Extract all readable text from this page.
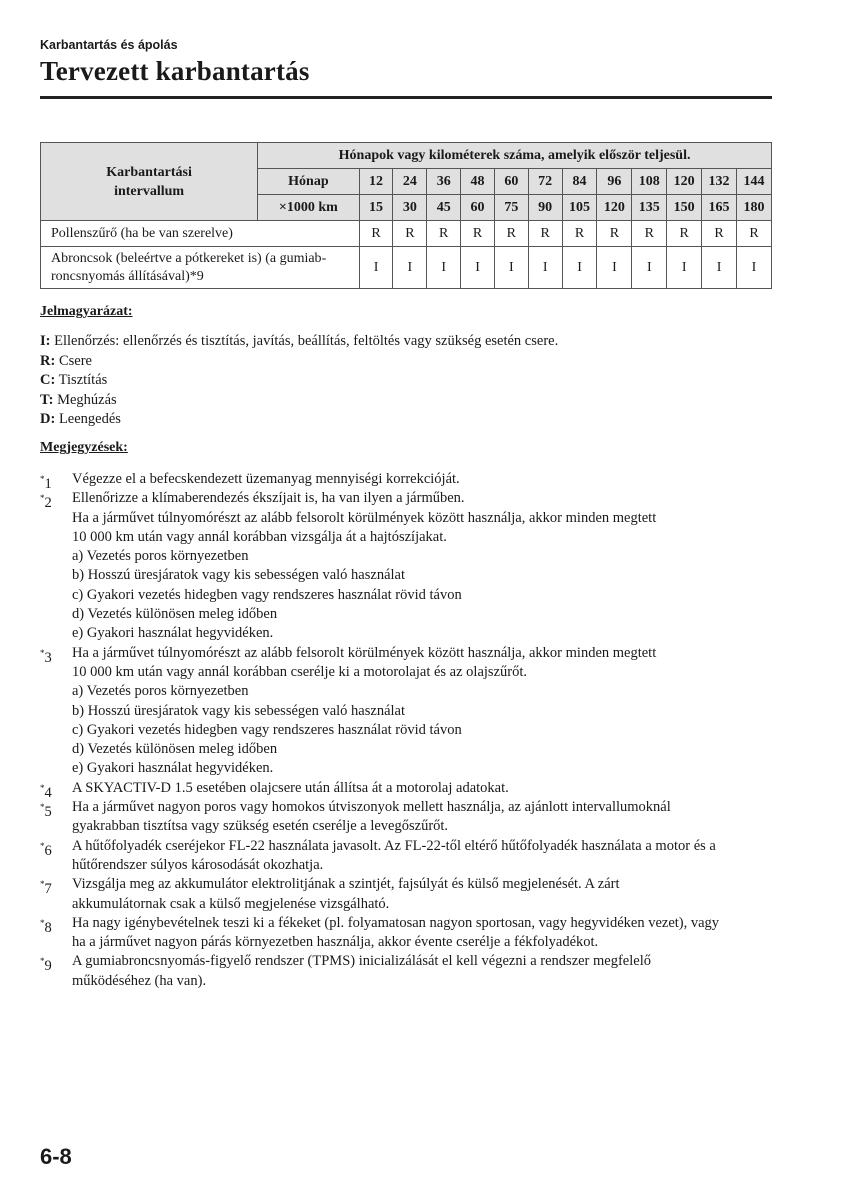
Karbantartás és ápolás
Tervezett karbantartás
Karbantartási intervallum	Hónapok vagy kilométerek száma, amelyik először teljesül.												
	Hónap	12	24	36	48	60	72	84	96	108	120	132	144
	×1000 km	15	30	45	60	75	90	105	120	135	150	165	180
Pollenszűrő (ha be van szerelve)		R	R	R	R	R	R	R	R	R	R	R	R
Abroncsok (beleértve a pótkereket is) (a gumiabroncsnyomás állításával)*9		I	I	I	I	I	I	I	I	I	I	I	I
Jelmagyarázat:
I: Ellenőrzés: ellenőrzés és tisztítás, javítás, beállítás, feltöltés vagy szükség esetén csere.
R: Csere
C: Tisztítás
T: Meghúzás
D: Leengedés
Megjegyzések:
*1 Végezze el a befecskendezett üzemanyag mennyiségi korrekcióját.
*2 Ellenőrizze a klímaberendezés ékszíjait is, ha van ilyen a járműben.
Ha a járművet túlnyomórészt az alább felsorolt körülmények között használja, akkor minden megtett
10 000 km után vagy annál korábban vizsgálja át a hajtószíjakat.
a) Vezetés poros környezetben
b) Hosszú üresjáratok vagy kis sebességen való használat
c) Gyakori vezetés hidegben vagy rendszeres használat rövid távon
d) Vezetés különösen meleg időben
e) Gyakori használat hegyvidéken.
*3 Ha a járművet túlnyomórészt az alább felsorolt körülmények között használja, akkor minden megtett
10 000 km után vagy annál korábban cserélje ki a motorolajat és az olajszűrőt.
a) Vezetés poros környezetben
b) Hosszú üresjáratok vagy kis sebességen való használat
c) Gyakori vezetés hidegben vagy rendszeres használat rövid távon
d) Vezetés különösen meleg időben
e) Gyakori használat hegyvidéken.
*4 A SKYACTIV-D 1.5 esetében olajcsere után állítsa át a motorolaj adatokat.
*5 Ha a járművet nagyon poros vagy homokos útviszonyok mellett használja, az ajánlott intervallumoknál
gyakrabban tisztítsa vagy szükség esetén cserélje a levegőszűrőt.
*6 A hűtőfolyadék cseréjekor FL-22 használata javasolt. Az FL-22-től eltérő hűtőfolyadék használata a motor és a
hűtőrendszer súlyos károsodását okozhatja.
*7 Vizsgálja meg az akkumulátor elektrolitjának a szintjét, fajsúlyát és külső megjelenését. A zárt
akkumulátornak csak a külső megjelenése vizsgálható.
*8 Ha nagy igénybevételnek teszi ki a fékeket (pl. folyamatosan nagyon sportosan, vagy hegyvidéken vezet), vagy
ha a járművet nagyon párás környezetben használja, akkor évente cserélje a fékfolyadékot.
*9 A gumiabroncsnyomás-figyelő rendszer (TPMS) inicializálását el kell végezni a rendszer megfelelő
működéséhez (ha van).
6-8
